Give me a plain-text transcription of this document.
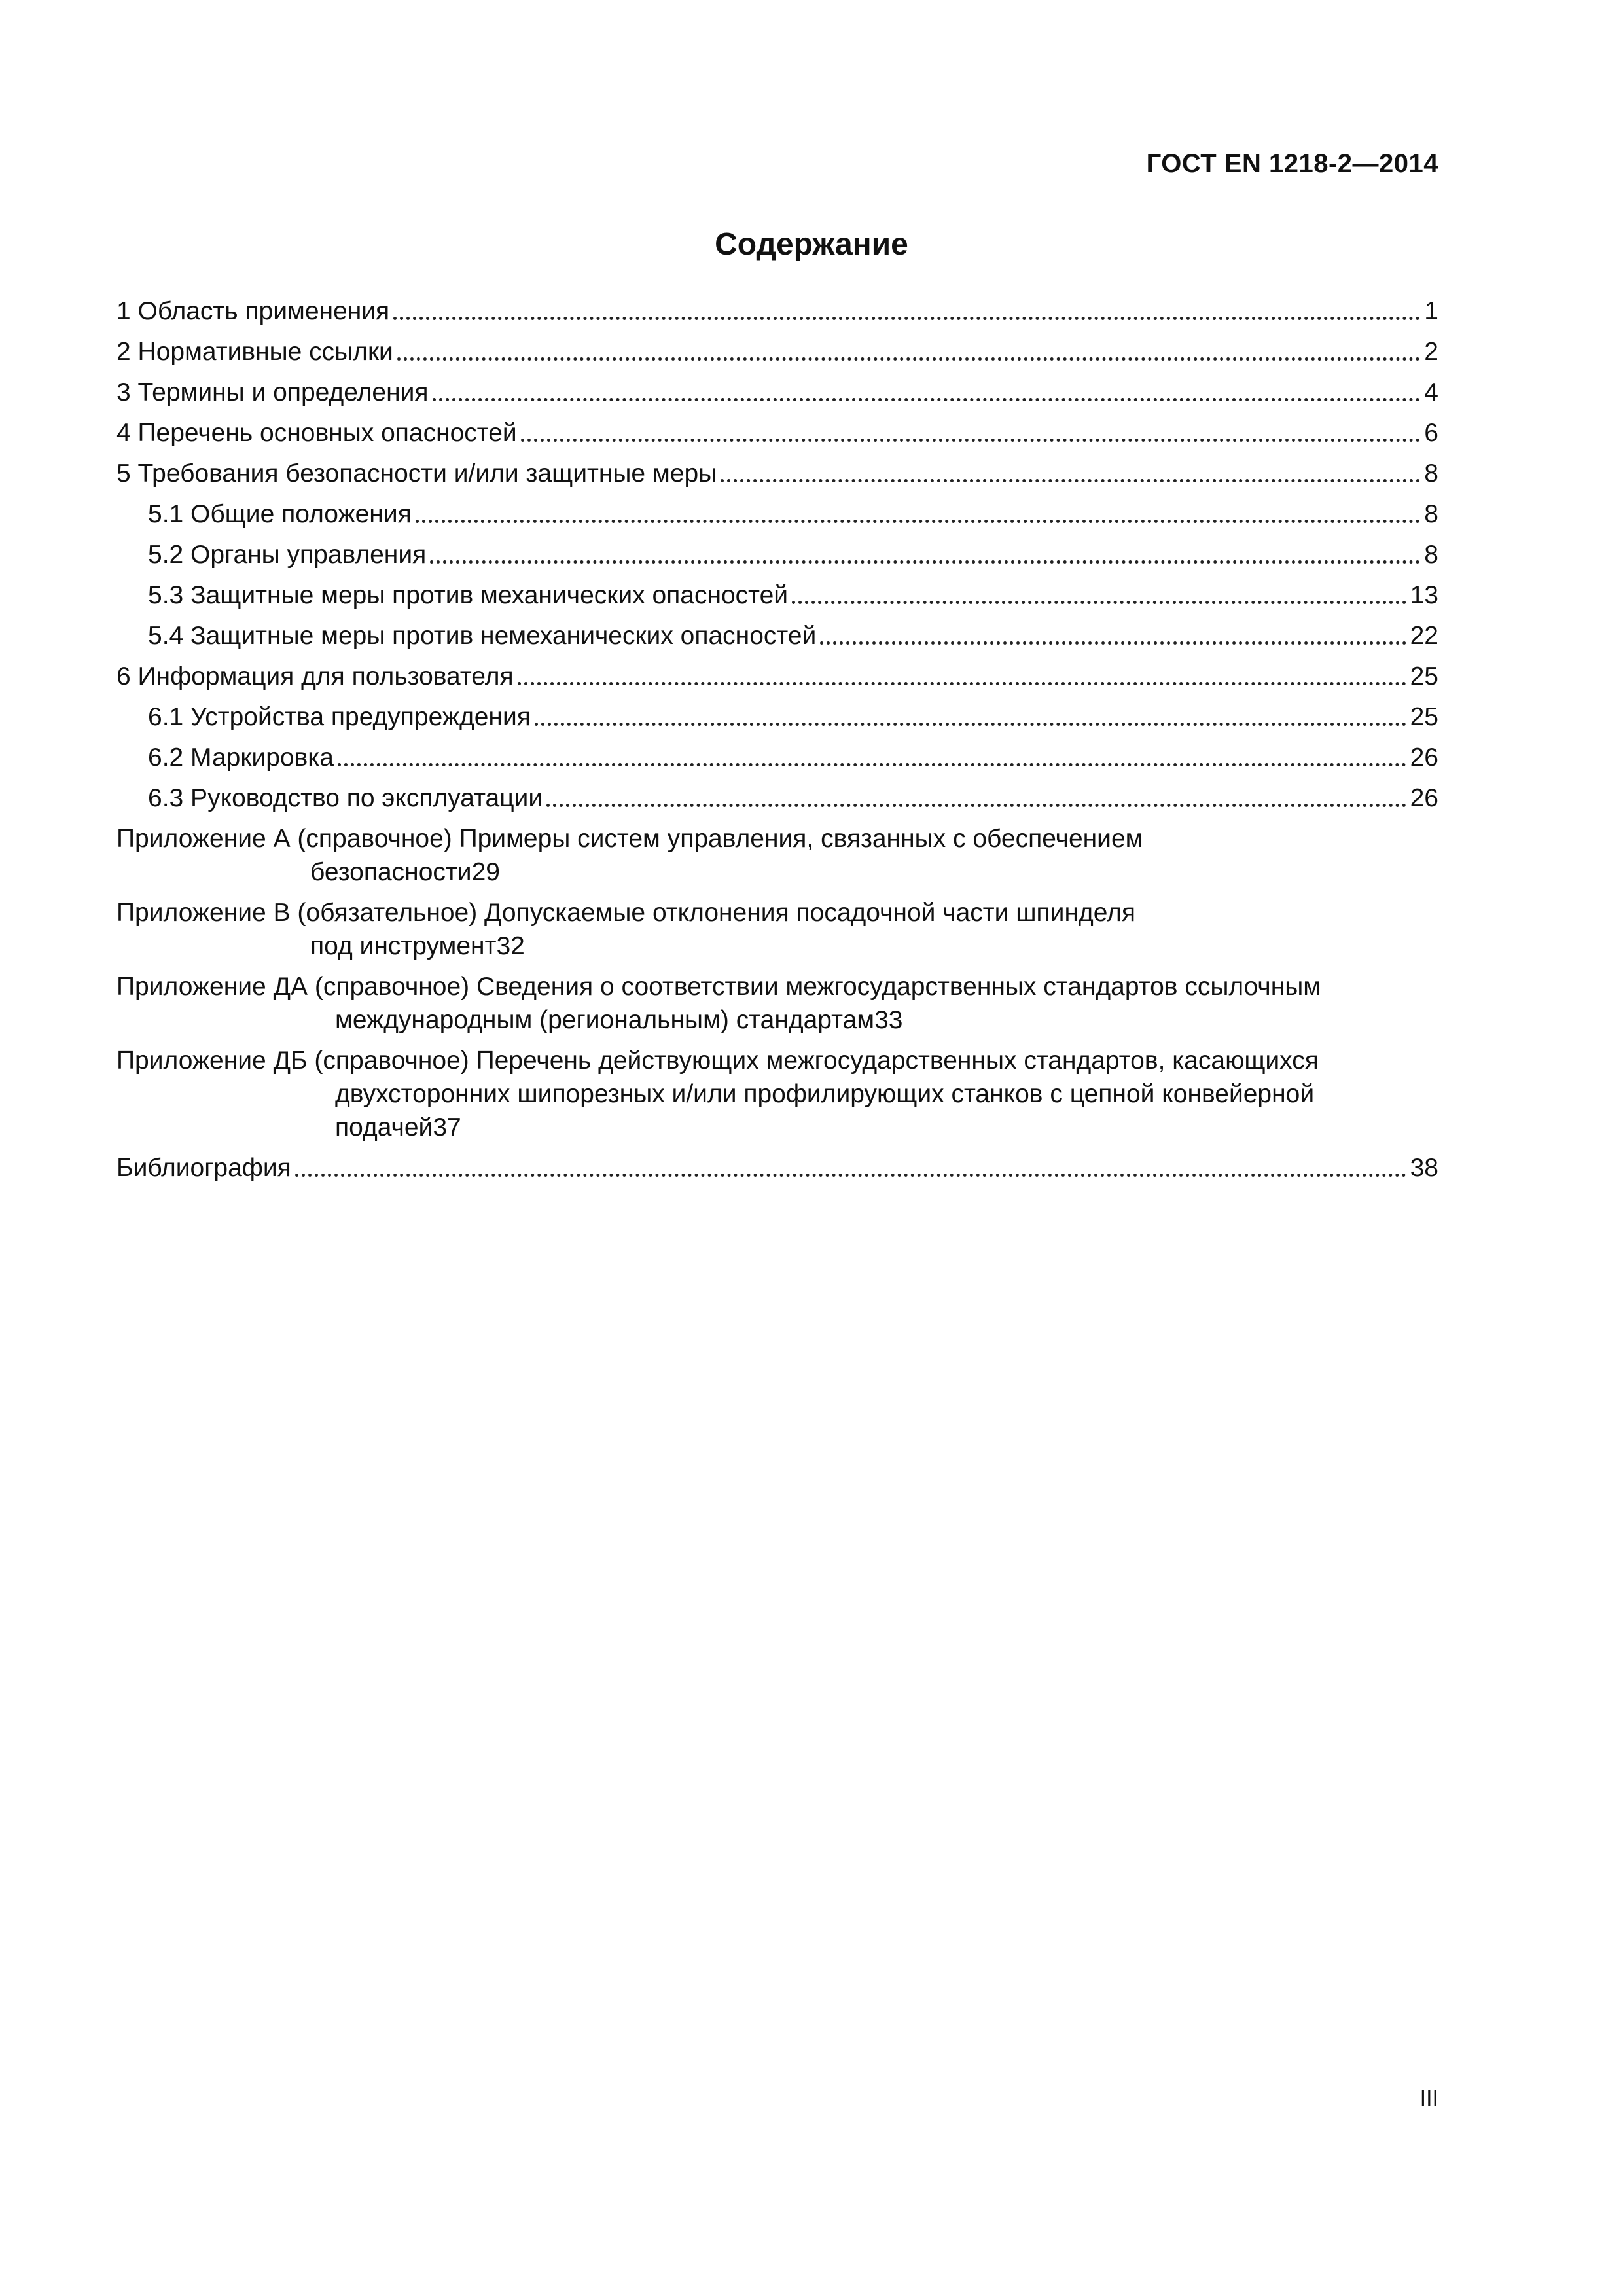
ГОСТ EN 1218-2—2014
Содержание
1 Область применения	1
2 Нормативные ссылки	2
3 Термины и определения	4
4 Перечень основных опасностей	6
5 Требования безопасности и/или защитные меры	8
5.1 Общие положения	8
5.2 Органы управления	8
5.3 Защитные меры против механических опасностей	13
5.4 Защитные меры против немеханических опасностей	22
6 Информация для пользователя	25
6.1 Устройства предупреждения	25
6.2 Маркировка	26
6.3 Руководство по эксплуатации	26
Приложение А (справочное) Примеры систем управления, связанных с обеспечением
безопасности 29
Приложение В (обязательное) Допускаемые отклонения посадочной части шпинделя
под инструмент 32
Приложение ДА (справочное) Сведения о соответствии межгосударственных стандартов ссылочным
международным (региональным) стандартам 33
Приложение ДБ (справочное) Перечень действующих межгосударственных стандартов, касающихся
двухсторонних шипорезных и/или профилирующих станков с цепной конвейерной
подачей 37
Библиография	38
III
